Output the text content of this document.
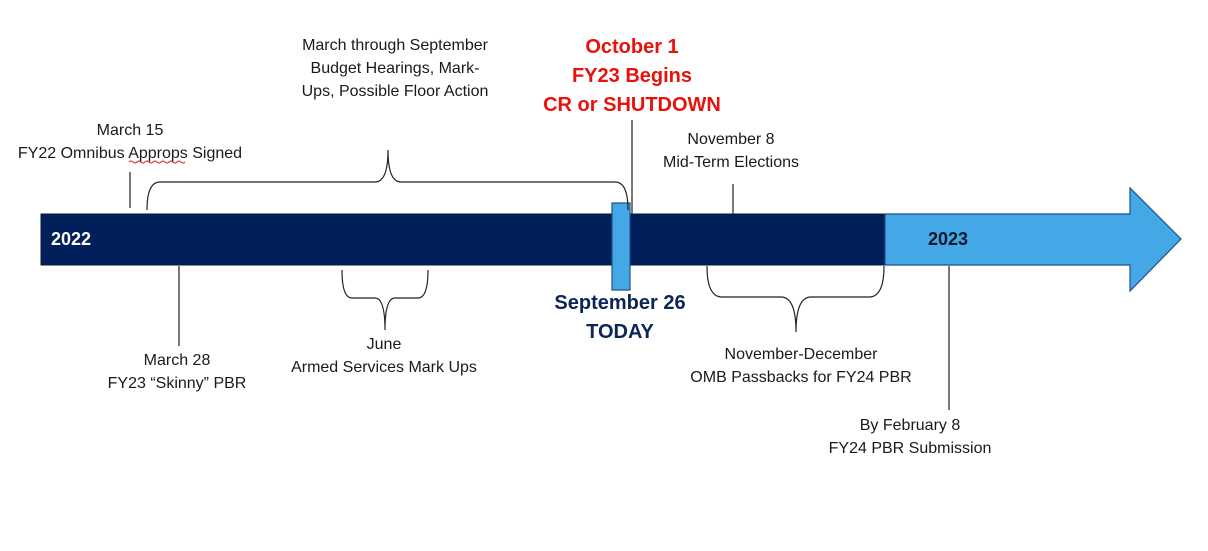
2022	2023
March 15
FY22 Omnibus Approps Signed
March through September
Budget Hearings, Mark-
Ups, Possible Floor Action
October 1
FY23 Begins
CR or SHUTDOWN
November 8
Mid-Term Elections
March 28
FY23 “Skinny” PBR
June
Armed Services Mark Ups
September 26
TODAY
November-December
OMB Passbacks for FY24 PBR
By February 8
FY24 PBR Submission
